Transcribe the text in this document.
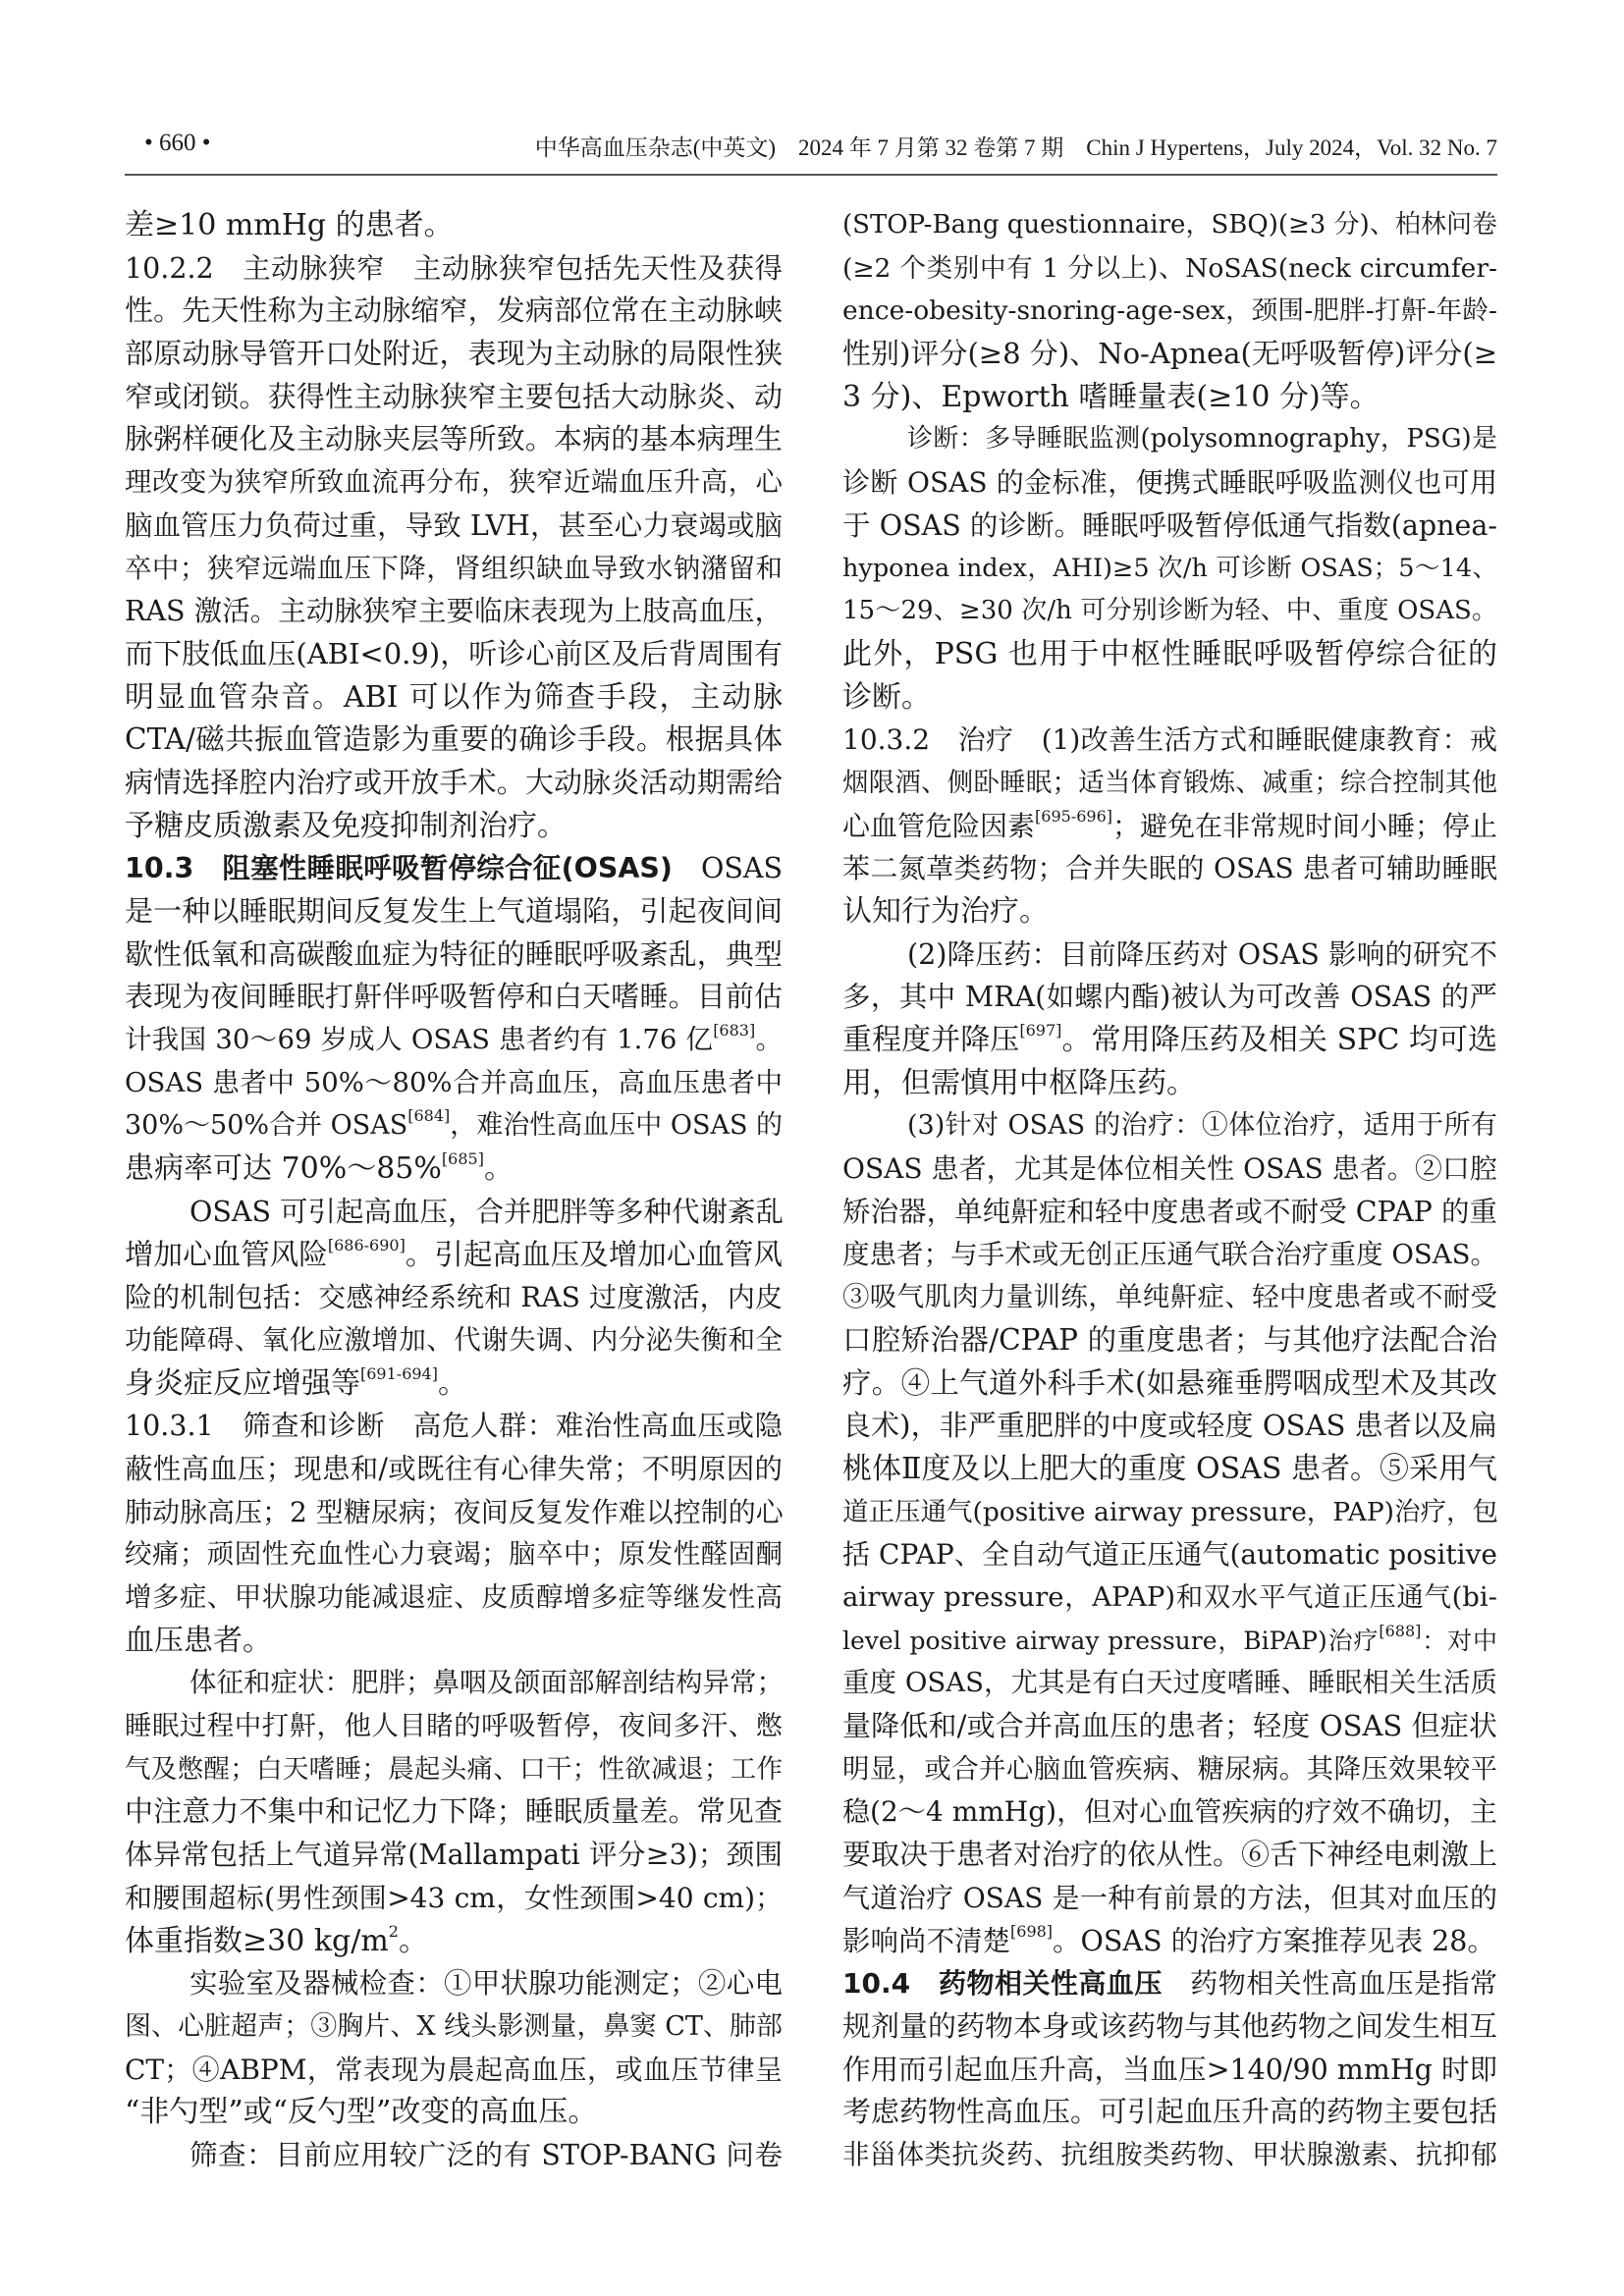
• 660 •	中华高血压杂志(中英文)　2024 年 7 月第 32 卷第 7 期　Chin J Hypertens，July 2024，Vol. 32 No. 7
差≥10 mmHg 的患者。
10.2.2　主动脉狭窄　主动脉狭窄包括先天性及获得
性。先天性称为主动脉缩窄，发病部位常在主动脉峡
部原动脉导管开口处附近，表现为主动脉的局限性狭
窄或闭锁。获得性主动脉狭窄主要包括大动脉炎、动
脉粥样硬化及主动脉夹层等所致。本病的基本病理生
理改变为狭窄所致血流再分布，狭窄近端血压升高，心
脑血管压力负荷过重，导致 LVH，甚至心力衰竭或脑
卒中；狭窄远端血压下降，肾组织缺血导致水钠潴留和
RAS 激活。主动脉狭窄主要临床表现为上肢高血压，
而下肢低血压(ABI<0.9)，听诊心前区及后背周围有
明显血管杂音。ABI 可以作为筛查手段，主动脉
CTA/磁共振血管造影为重要的确诊手段。根据具体
病情选择腔内治疗或开放手术。大动脉炎活动期需给
予糖皮质激素及免疫抑制剂治疗。
10.3　阻塞性睡眠呼吸暂停综合征(OSAS)　OSAS
是一种以睡眠期间反复发生上气道塌陷，引起夜间间
歇性低氧和高碳酸血症为特征的睡眠呼吸紊乱，典型
表现为夜间睡眠打鼾伴呼吸暂停和白天嗜睡。目前估
计我国 30～69 岁成人 OSAS 患者约有 1.76 亿[683]。
OSAS 患者中 50%～80%合并高血压，高血压患者中
30%～50%合并 OSAS[684]，难治性高血压中 OSAS 的
患病率可达 70%～85%[685]。
OSAS 可引起高血压，合并肥胖等多种代谢紊乱
增加心血管风险[686-690]。引起高血压及增加心血管风
险的机制包括：交感神经系统和 RAS 过度激活，内皮
功能障碍、氧化应激增加、代谢失调、内分泌失衡和全
身炎症反应增强等[691-694]。
10.3.1　筛查和诊断　高危人群：难治性高血压或隐
蔽性高血压；现患和/或既往有心律失常；不明原因的
肺动脉高压；2 型糖尿病；夜间反复发作难以控制的心
绞痛；顽固性充血性心力衰竭；脑卒中；原发性醛固酮
增多症、甲状腺功能减退症、皮质醇增多症等继发性高
血压患者。
体征和症状：肥胖；鼻咽及颌面部解剖结构异常；
睡眠过程中打鼾，他人目睹的呼吸暂停，夜间多汗、憋
气及憋醒；白天嗜睡；晨起头痛、口干；性欲减退；工作
中注意力不集中和记忆力下降；睡眠质量差。常见查
体异常包括上气道异常(Mallampati 评分≥3)；颈围
和腰围超标(男性颈围>43 cm，女性颈围>40 cm)；
体重指数≥30 $kg/m^2$。
实验室及器械检查：①甲状腺功能测定；②心电
图、心脏超声；③胸片、X 线头影测量，鼻窦 CT、肺部
CT；④ABPM，常表现为晨起高血压，或血压节律呈
“非勺型”或“反勺型”改变的高血压。
筛查：目前应用较广泛的有 STOP-BANG 问卷
(STOP-Bang questionnaire，SBQ)(≥3 分)、柏林问卷
(≥2 个类别中有 1 分以上)、NoSAS(neck circumfer-
ence-obesity-snoring-age-sex，颈围-肥胖-打鼾-年龄-
性别)评分(≥8 分)、No-Apnea(无呼吸暂停)评分(≥
3 分)、Epworth 嗜睡量表(≥10 分)等。
诊断：多导睡眠监测(polysomnography，PSG)是
诊断 OSAS 的金标准，便携式睡眠呼吸监测仪也可用
于 OSAS 的诊断。睡眠呼吸暂停低通气指数(apnea-
hyponea index，AHI)≥5 次/h 可诊断 OSAS；5～14、
15～29、≥30 次/h 可分别诊断为轻、中、重度 OSAS。
此外，PSG 也用于中枢性睡眠呼吸暂停综合征的
诊断。
10.3.2　治疗　(1)改善生活方式和睡眠健康教育：戒
烟限酒、侧卧睡眠；适当体育锻炼、减重；综合控制其他
心血管危险因素[695-696]；避免在非常规时间小睡；停止
苯二氮䓬类药物；合并失眠的 OSAS 患者可辅助睡眠
认知行为治疗。
(2)降压药：目前降压药对 OSAS 影响的研究不
多，其中 MRA(如螺内酯)被认为可改善 OSAS 的严
重程度并降压[697]。常用降压药及相关 SPC 均可选
用，但需慎用中枢降压药。
(3)针对 OSAS 的治疗：①体位治疗，适用于所有
OSAS 患者，尤其是体位相关性 OSAS 患者。②口腔
矫治器，单纯鼾症和轻中度患者或不耐受 CPAP 的重
度患者；与手术或无创正压通气联合治疗重度 OSAS。
③吸气肌肉力量训练，单纯鼾症、轻中度患者或不耐受
口腔矫治器/CPAP 的重度患者；与其他疗法配合治
疗。④上气道外科手术(如悬雍垂腭咽成型术及其改
良术)，非严重肥胖的中度或轻度 OSAS 患者以及扁
桃体Ⅱ度及以上肥大的重度 OSAS 患者。⑤采用气
道正压通气(positive airway pressure，PAP)治疗，包
括 CPAP、全自动气道正压通气(automatic positive
airway pressure，APAP)和双水平气道正压通气(bi-
level positive airway pressure，BiPAP)治疗[688]：对中
重度 OSAS，尤其是有白天过度嗜睡、睡眠相关生活质
量降低和/或合并高血压的患者；轻度 OSAS 但症状
明显，或合并心脑血管疾病、糖尿病。其降压效果较平
稳(2～4 mmHg)，但对心血管疾病的疗效不确切，主
要取决于患者对治疗的依从性。⑥舌下神经电刺激上
气道治疗 OSAS 是一种有前景的方法，但其对血压的
影响尚不清楚[698]。OSAS 的治疗方案推荐见表 28。
10.4　药物相关性高血压　药物相关性高血压是指常
规剂量的药物本身或该药物与其他药物之间发生相互
作用而引起血压升高，当血压>140/90 mmHg 时即
考虑药物性高血压。可引起血压升高的药物主要包括
非甾体类抗炎药、抗组胺类药物、甲状腺激素、抗抑郁
